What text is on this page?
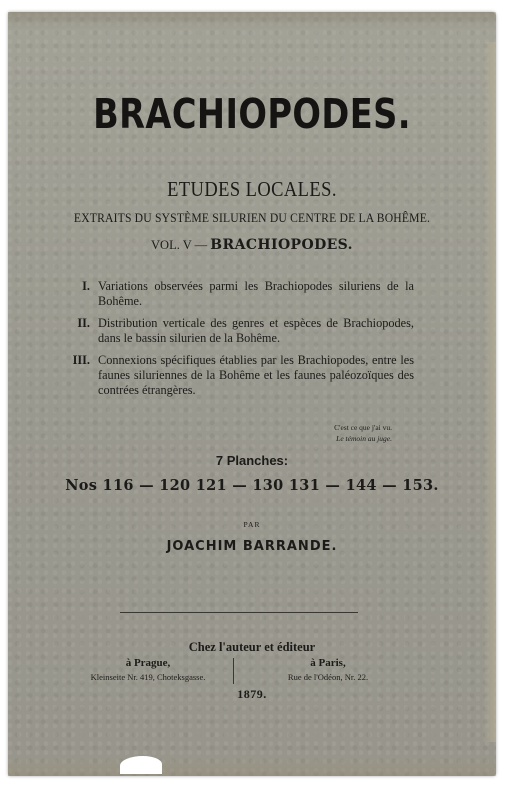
BRACHIOPODES.
ETUDES LOCALES.
EXTRAITS DU SYSTÈME SILURIEN DU CENTRE DE LA BOHÊME.
VOL. V — BRACHIOPODES.
I. Variations observées parmi les Brachiopodes siluriens de la Bohême.
II. Distribution verticale des genres et espèces de Brachiopodes, dans le bassin silurien de la Bohême.
III. Connexions spécifiques établies par les Brachiopodes, entre les faunes siluriennes de la Bohême et les faunes paléozoïques des contrées étrangères.
C'est ce que j'ai vu.
Le témoin au juge.
7 Planches:
Nos 116 — 120 121 — 130 131 — 144 — 153.
PAR
JOACHIM BARRANDE.
Chez l'auteur et éditeur
à Prague,
Kleinseite Nr. 419, Choteksgasse.
à Paris,
Rue de l'Odéon, Nr. 22.
1879.
